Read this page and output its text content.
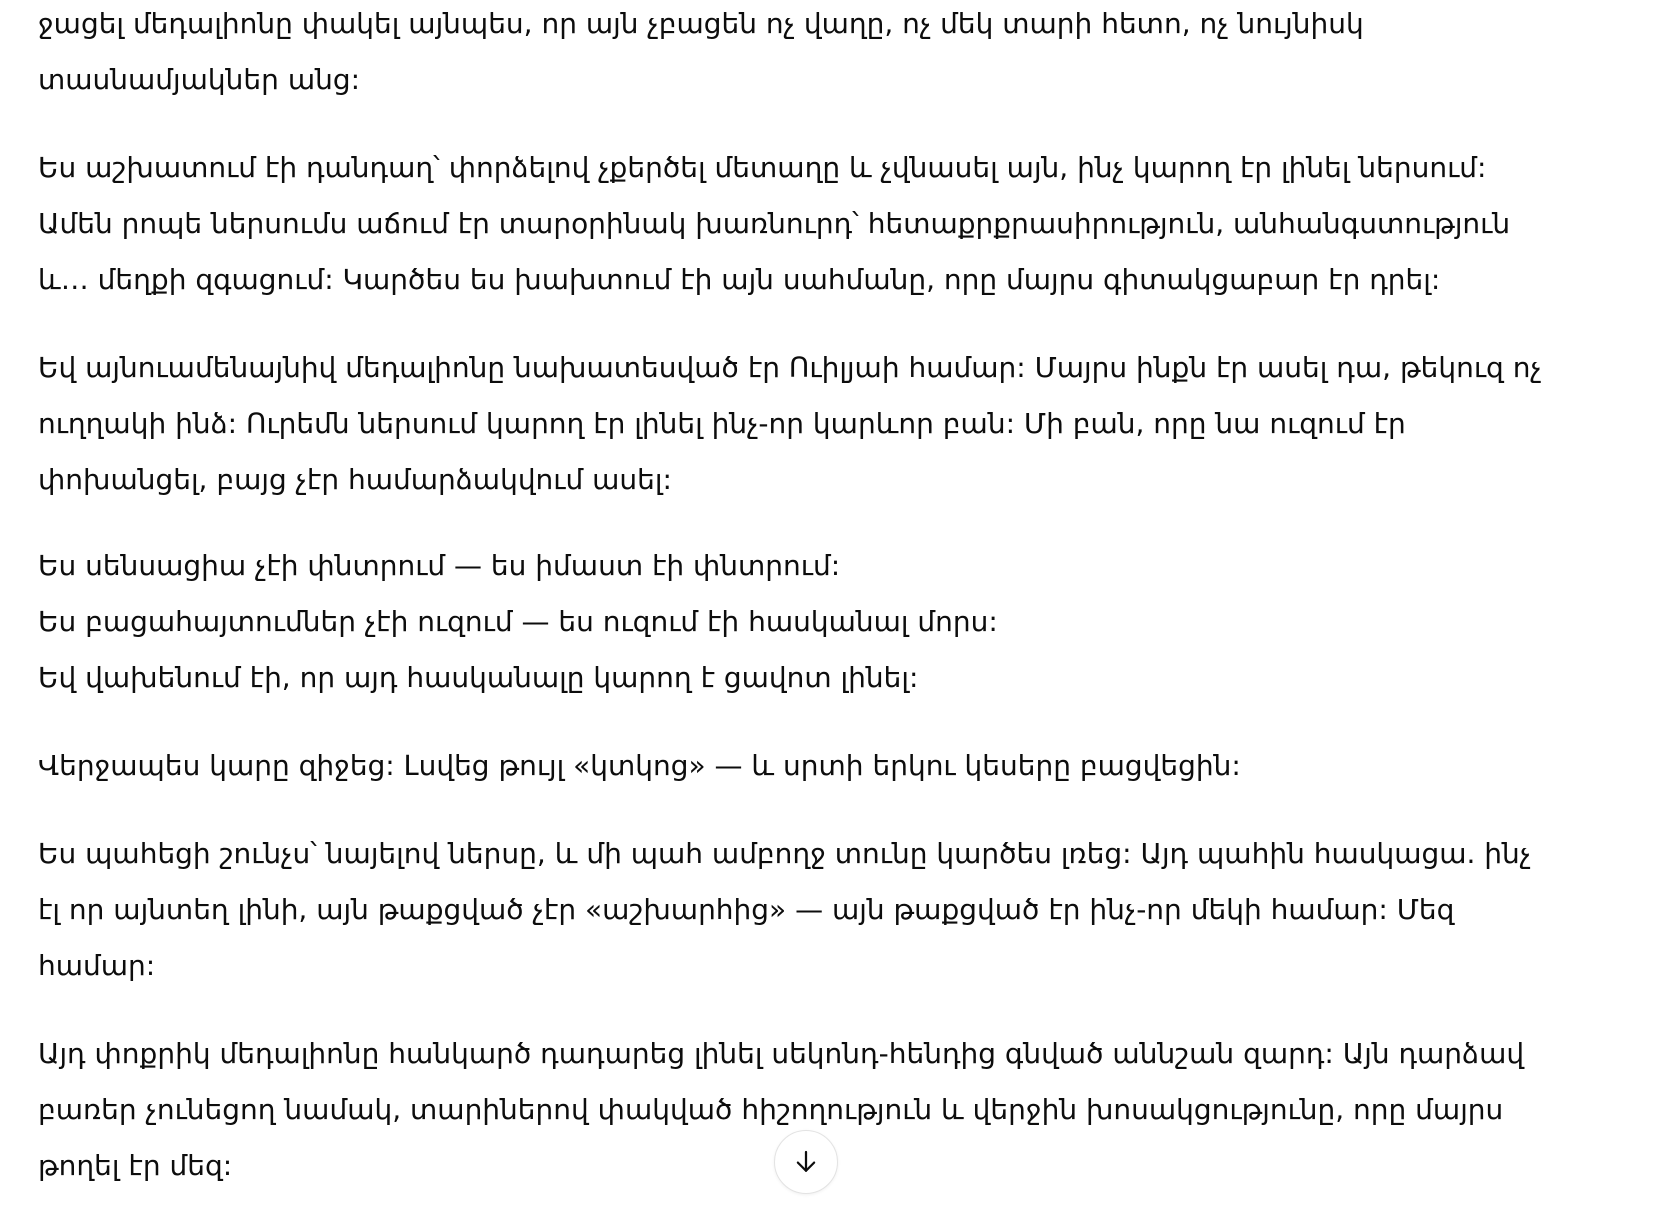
ջացել մեդալիոնը փակել այնպես, որ այն չբացեն ոչ վաղը, ոչ մեկ տարի հետո, ոչ նույնիսկ
տասնամյակներ անց:
Ես աշխատում էի դանդաղ՝ փորձելով չքերծել մետաղը և չվնասել այն, ինչ կարող էր լինել ներսում:
Ամեն րոպե ներսումս աճում էր տարօրինակ խառնուրդ՝ հետաքրքրասիրություն, անհանգստություն
և… մեղքի զգացում: Կարծես ես խախտում էի այն սահմանը, որը մայրս գիտակցաբար էր դրել:
Եվ այնուամենայնիվ մեդալիոնը նախատեսված էր Ուիլյաի համար: Մայրս ինքն էր ասել դա, թեկուզ ոչ
ուղղակի ինձ: Ուրեմն ներսում կարող էր լինել ինչ-որ կարևոր բան: Մի բան, որը նա ուզում էր
փոխանցել, բայց չէր համարձակվում ասել:
Ես սենսացիա չէի փնտրում — ես իմաստ էի փնտրում:
Ես բացահայտումներ չէի ուզում — ես ուզում էի հասկանալ մորս:
Եվ վախենում էի, որ այդ հասկանալը կարող է ցավոտ լինել:
Վերջապես կարը զիջեց: Լսվեց թույլ «կտկոց» — և սրտի երկու կեսերը բացվեցին:
Ես պահեցի շունչս՝ նայելով ներսը, և մի պահ ամբողջ տունը կարծես լռեց: Այդ պահին հասկացա. ինչ
էլ որ այնտեղ լինի, այն թաքցված չէր «աշխարհից» — այն թաքցված էր ինչ-որ մեկի համար: Մեզ
համար:
Այդ փոքրիկ մեդալիոնը հանկարծ դադարեց լինել սեկոնդ-հենդից գնված աննշան զարդ: Այն դարձավ
բառեր չունեցող նամակ, տարիներով փակված հիշողություն և վերջին խոսակցությունը, որը մայրս
թողել էր մեզ:
